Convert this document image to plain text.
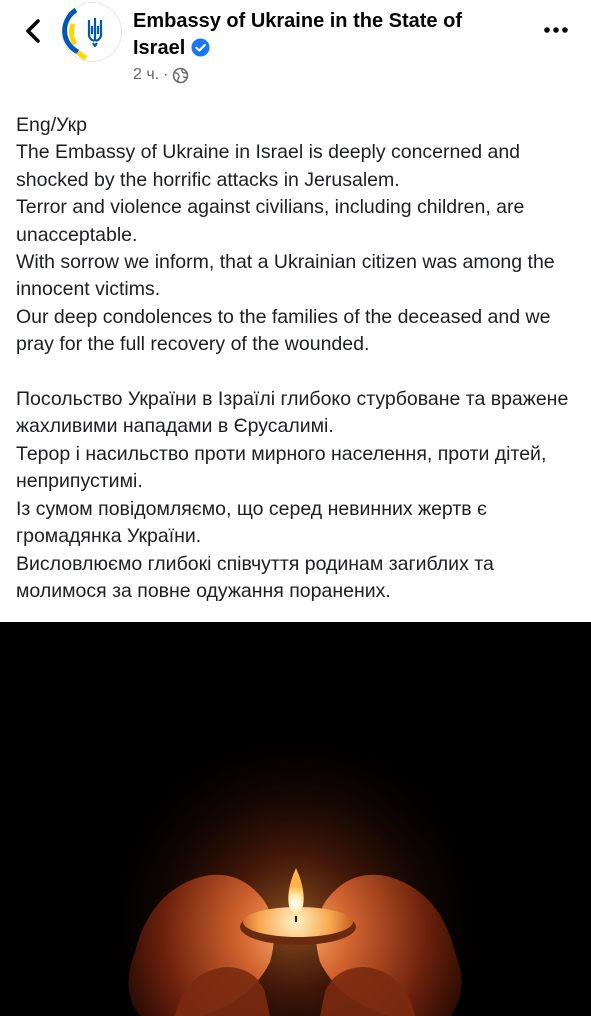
Embassy of Ukraine in the State of Israel
2 ч. ·
Eng/Укр
The Embassy of Ukraine in Israel is deeply concerned and shocked by the horrific attacks in Jerusalem.
Terror and violence against civilians, including children, are unacceptable.
With sorrow we inform, that a Ukrainian citizen was among the innocent victims.
Our deep condolences to the families of the deceased and we pray for the full recovery of the wounded.

Посольство України в Ізраїлі глибоко стурбоване та вражене жахливими нападами в Єрусалимі.
Терор і насильство проти мирного населення, проти дітей, неприпустимі.
Із сумом повідомляємо, що серед невинних жертв є громадянка України.
Висловлюємо глибокі співчуття родинам загиблих та молимося за повне одужання поранених.
